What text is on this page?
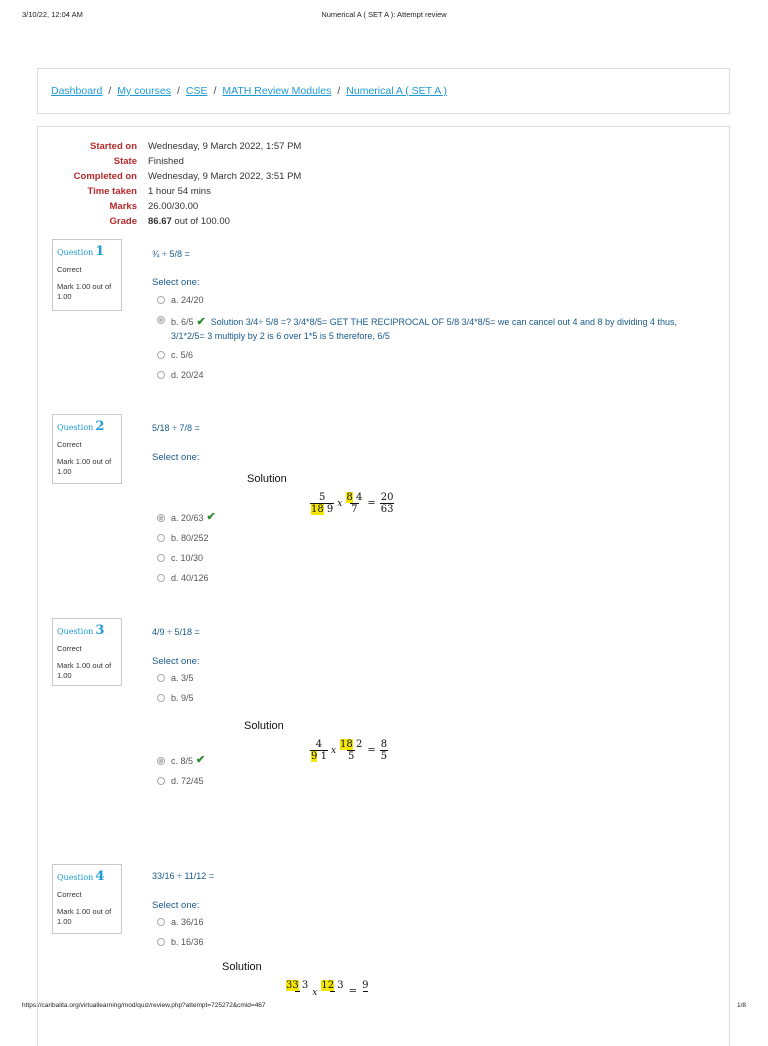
3/10/22, 12:04 AM	Numerical A ( SET A ): Attempt review
Dashboard / My courses / CSE / MATH Review Modules / Numerical A ( SET A )
Started on	Wednesday, 9 March 2022, 1:57 PM
State	Finished
Completed on	Wednesday, 9 March 2022, 3:51 PM
Time taken	1 hour 54 mins
Marks	26.00/30.00
Grade	86.67 out of 100.00
Question 1
Correct
Mark 1.00 out of 1.00
¾ ÷ 5/8 =
Select one:
a. 24/20
b. 6/5 ✔ Solution 3/4÷ 5/8 =? 3/4*8/5= GET THE RECIPROCAL OF 5/8 3/4*8/5= we can cancel out 4 and 8 by dividing 4 thus, 3/1*2/5= 3 multiply by 2 is 6 over 1*5 is 5 therefore, 6/5
c. 5/6
d. 20/24
Question 2
Correct
Mark 1.00 out of 1.00
5/18 ÷ 7/8 =
Select one:
Solution
$\frac{5}{18 9}$ x $\frac{8 4}{7} = \frac{20}{63}$
a. 20/63 ✔
b. 80/252
c. 10/30
d. 40/126
Question 3
Correct
Mark 1.00 out of 1.00
4/9 ÷ 5/18 =
Select one:
a. 3/5
b. 9/5
Solution
$\frac{4}{9 1}$ x $\frac{18 2}{5} = \frac{8}{5}$
c. 8/5 ✔
d. 72/45
Question 4
Correct
Mark 1.00 out of 1.00
33/16 ÷ 11/12 =
Select one:
a. 36/16
b. 16/36
Solution
33 3

x
12 3

=
9

https://caribalita.org/virtuallearning/mod/quiz/review.php?attempt=725272&cmid=467	1/8
